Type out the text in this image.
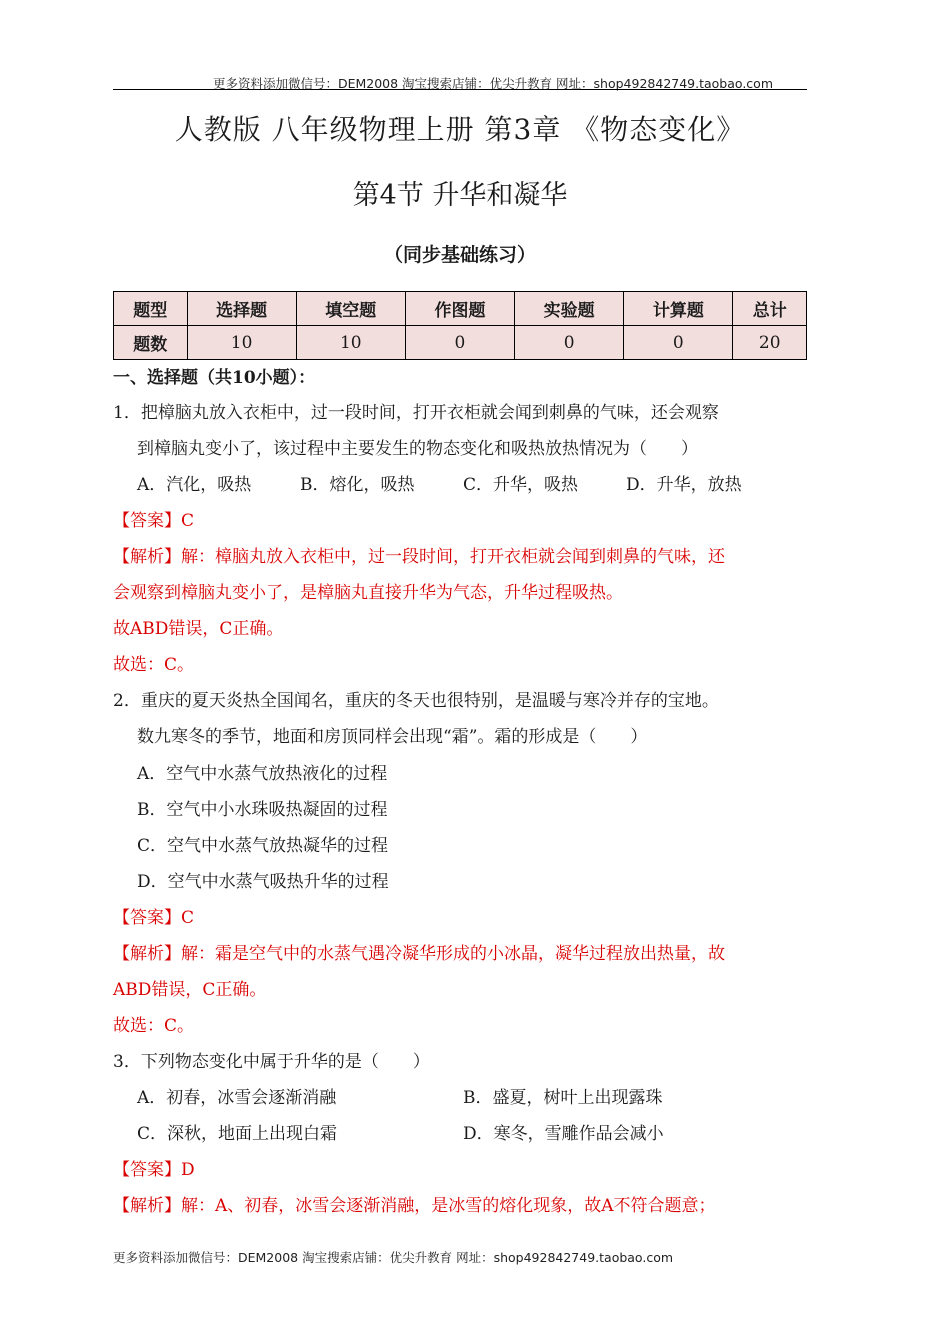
更多资料添加微信号：DEM2008 淘宝搜索店铺：优尖升教育 网址：shop492842749.taobao.com
人教版 八年级物理上册 第3章 《物态变化》
第4节 升华和凝华
（同步基础练习）
题型	选择题	填空题	作图题	实验题	计算题	总计
题数	10	10	0	0	0	20
一、选择题（共10小题）：
1．把樟脑丸放入衣柜中，过一段时间，打开衣柜就会闻到刺鼻的气味，还会观察
到樟脑丸变小了，该过程中主要发生的物态变化和吸热放热情况为（　　）
A．汽化，吸热	B．熔化，吸热	C．升华，吸热	D．升华，放热
【答案】C
【解析】解：樟脑丸放入衣柜中，过一段时间，打开衣柜就会闻到刺鼻的气味，还
会观察到樟脑丸变小了，是樟脑丸直接升华为气态，升华过程吸热。
故ABD错误，C正确。
故选：C。
2．重庆的夏天炎热全国闻名，重庆的冬天也很特别，是温暖与寒冷并存的宝地。
数九寒冬的季节，地面和房顶同样会出现“霜”。霜的形成是（　　）
A．空气中水蒸气放热液化的过程
B．空气中小水珠吸热凝固的过程
C．空气中水蒸气放热凝华的过程
D．空气中水蒸气吸热升华的过程
【答案】C
【解析】解：霜是空气中的水蒸气遇冷凝华形成的小冰晶，凝华过程放出热量，故
ABD错误，C正确。
故选：C。
3．下列物态变化中属于升华的是（　　）
A．初春，冰雪会逐渐消融	B．盛夏，树叶上出现露珠
C．深秋，地面上出现白霜	D．寒冬，雪雕作品会减小
【答案】D
【解析】解：A、初春，冰雪会逐渐消融，是冰雪的熔化现象，故A不符合题意；
更多资料添加微信号：DEM2008 淘宝搜索店铺：优尖升教育 网址：shop492842749.taobao.com
